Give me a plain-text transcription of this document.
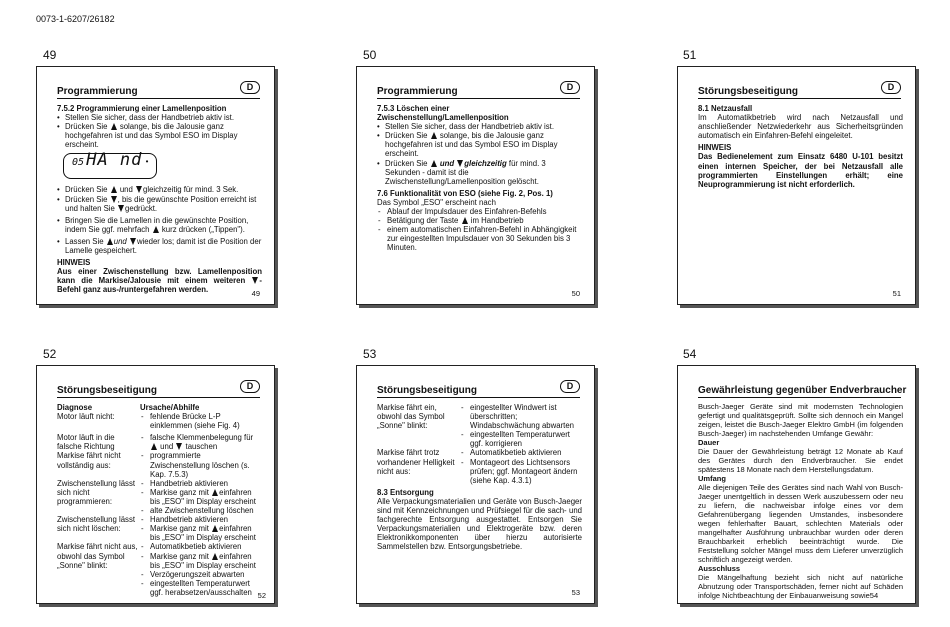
0073-1-6207/26182
49
Programmierung	D

7.5.2 Programmierung einer Lamellenposition

• Stellen Sie sicher, dass der Handbetrieb aktiv ist.

• Drücken Sie solange, bis die Jalousie ganz hochgefahren ist und das Symbol ESO im Display erscheint.

05 HA nd •

• Drücken Sie und gleichzeitig für mind. 3 Sek.

• Drücken Sie , bis die gewünschte Position erreicht ist und halten Sie gedrückt.

• Bringen Sie die Lamellen in die gewünschte Position, indem Sie ggf. mehrfach kurz drücken („Tippen").

• Lassen Sie und wieder los; damit ist die Position der Lamelle gespeichert.

HINWEIS

Aus einer Zwischenstellung bzw. Lamellenposition kann die Markise/Jalousie mit einem weiteren - Befehl ganz aus-/runtergefahren werden.	49
50
Programmierung	D

7.5.3 Löschen einer Zwischenstellung/Lamellenposition

• Stellen Sie sicher, dass der Handbetrieb aktiv ist.

• Drücken Sie solange, bis die Jalousie ganz hochgefahren ist und das Symbol ESO im Display erscheint.

• Drücken Sie und gleichzeitig für mind. 3 Sekunden - damit ist die Zwischenstellung/Lamellenposition gelöscht.

7.6 Funktionalität von ESO (siehe Fig. 2, Pos. 1)

Das Symbol „ESO" erscheint nach

- Ablauf der Impulsdauer des Einfahren-Befehls

- Betätigung der Taste im Handbetrieb

- einem automatischen Einfahren-Befehl in Abhängigkeit zur eingestellten Impulsdauer von 30 Sekunden bis 3 Minuten.

50
51
Störungsbeseitigung	D

8.1 Netzausfall

Im Automatikbetrieb wird nach Netzausfall und anschließender Netzwiederkehr aus Sicherheitsgründen automatisch ein Einfahren-Befehl eingeleitet.

HINWEIS

Das Bedienelement zum Einsatz 6480 U-101 besitzt einen internen Speicher, der bei Netzausfall alle programmierten Einstellungen erhält; eine Neuprogrammierung ist nicht erforderlich.

51
52
Störungsbeseitigung	D
Diagnose	Ursache/Abhilfe
Motor läuft nicht:

-	fehlende Brücke L-P einklemmen (siehe Fig. 4)

Motor läuft in die falsche Richtung

- falsche Klemmenbelegung für  und tauschen

Markise fährt nicht vollständig aus:

- programmierte Zwischenstellung löschen (s. Kap. 7.5.3)

Zwischenstellung lässt sich nicht programmieren:

- Handbetrieb aktivieren

- Markise ganz mit einfahren bis „ESO" im Display erscheint

- alte Zwischenstellung löschen

Zwischenstellung lässt sich nicht löschen:

- Handbetrieb aktivieren

- Markise ganz mit einfahren bis „ESO" im Display erscheint

Markise fährt nicht aus, obwohl das Symbol „Sonne" blinkt:

- Automatikbetieb aktivieren

- Markise ganz mit einfahren bis „ESO" im Display erscheint

- Verzögerungszeit abwarten

- eingestellten Temperaturwert ggf. herabsetzen/ausschalten 52
53
Störungsbeseitigung	D
Markise fährt ein, obwohl das Symbol „Sonne" blinkt:

- eingestellter Windwert ist überschritten; Windabschwächung abwarten

- eingestellten Temperaturwert ggf. korrigieren

Markise fährt trotz vorhandener Helligkeit nicht aus:

- Automatikbetieb aktivieren

- Montageort des Lichtsensors prüfen; ggf. Montageort ändern (siehe Kap. 4.3.1)

8.3 Entsorgung

Alle Verpackungsmaterialien und Geräte von Busch-Jaeger sind mit Kennzeichnungen und Prüfsiegel für die sach- und fachgerechte Entsorgung ausgestattet. Entsorgen Sie Verpackungsmaterialien und Elektrogeräte bzw. deren Elektronikkomponenten über hierzu autorisierte Sammelstellen bzw. Entsorgungsbetriebe.

53
54
Gewährleistung gegenüber Endverbraucher

Busch-Jaeger Geräte sind mit modernsten Technologien gefertigt und qualitätsgeprüft. Sollte sich dennoch ein Mangel zeigen, leistet die Busch-Jaeger Elektro GmbH (im folgenden Busch-Jaeger) im nachstehenden Umfange Gewähr:

Dauer

Die Dauer der Gewährleistung beträgt 12 Monate ab Kauf des Gerätes durch den Endverbraucher. Sie endet spätestens 18 Monate nach dem Herstellungsdatum.

Umfang

Alle diejenigen Teile des Gerätes sind nach Wahl von Busch-Jaeger unentgeltlich in dessen Werk auszubessern oder neu zu liefern, die nachweisbar infolge eines vor dem Gefahrenübergang liegenden Umstandes, insbesondere wegen fehlerhafter Bauart, schlechten Materials oder mangelhafter Ausführung unbrauchbar wurden oder deren Brauchbarkeit erheblich beeinträchtigt wurde. Die Feststellung solcher Mängel muss dem Lieferer unverzüglich schriftlich angezeigt werden.

Ausschluss

Die Mängelhaftung bezieht sich nicht auf natürliche Abnutzung oder Transportschäden, ferner nicht auf Schäden infolge Nichtbeachtung der Einbauanweisung sowie54
